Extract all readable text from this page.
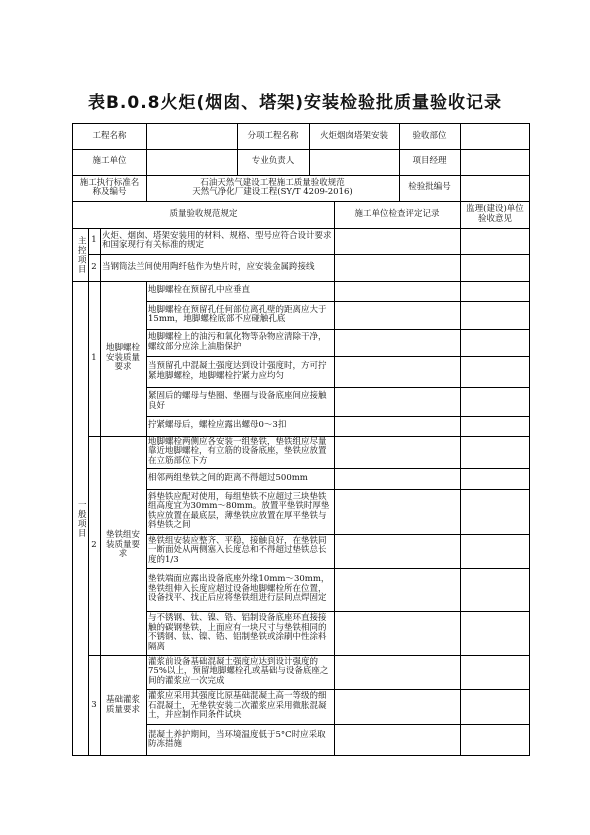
表B.0.8火炬(烟囱、塔架)安装检验批质量验收记录
工程名称	分项工程名称	火炬烟囱塔架安装	验收部位
施工单位	专业负责人	项目经理
施工执行标准名称及编号
石油天然气建设工程施工质量验收规范
天然气净化厂建设工程(SY/T 4209-2016)	检验批编号
质量验收规范规定	施工单位检查评定记录	监理(建设)单位验收意见
主控项目 1 火炬、烟囱、塔架安装用的材料、规格、型号应符合设计要求和国家现行有关标准的规定
2 当钢筒法兰间使用陶纤毡作为垫片时，应安装金属跨接线
一般项目
1
地脚螺栓安装质量要求
地脚螺栓在预留孔中应垂直
地脚螺栓在预留孔任何部位离孔壁的距离应大于15mm，地脚螺栓底部不应碰触孔底
地脚螺栓上的油污和氧化物等杂物应清除干净，螺纹部分应涂上油脂保护
当预留孔中混凝土强度达到设计强度时，方可拧紧地脚螺栓，地脚螺栓拧紧力应均匀
紧固后的螺母与垫圈、垫圈与设备底座间应接触良好
拧紧螺母后，螺栓应露出螺母0～3扣
2
垫铁组安装质量要求
地脚螺栓两侧应各安装一组垫铁，垫铁组应尽量靠近地脚螺栓，有立筋的设备底座，垫铁应放置在立筋部位下方
相邻两组垫铁之间的距离不得超过500mm
斜垫铁应配对使用，每组垫铁不应超过三块垫铁组高度宜为30mm～80mm。放置平垫铁时厚垫铁应放置在最底层，薄垫铁应放置在厚平垫铁与斜垫铁之间
垫铁组安装应整齐、平稳，接触良好，在垫铁同一断面处从两侧塞入长度总和不得超过垫铁总长度的1/3
垫铁端面应露出设备底座外缘10mm～30mm，垫铁组伸入长度应超过设备地脚螺栓所在位置，设备找平、找正后应将垫铁组进行层间点焊固定
与不锈钢、钛、镍、锆、铝制设备底座环直接接触的碳钢垫铁，上面应有一块尺寸与垫铁相同的不锈钢、钛、镍、锆、铝制垫铁或涂刷中性涂料隔离
3	基础灌浆质量要求
灌浆前设备基础混凝土强度应达到设计强度的75%以上，预留地脚螺栓孔或基础与设备底座之间的灌浆应一次完成
灌浆应采用其强度比原基础混凝土高一等级的细石混凝土，无垫铁安装二次灌浆应采用微胀混凝土，并应制作同条件试块
混凝土养护期间，当环境温度低于5°C时应采取防冻措施
